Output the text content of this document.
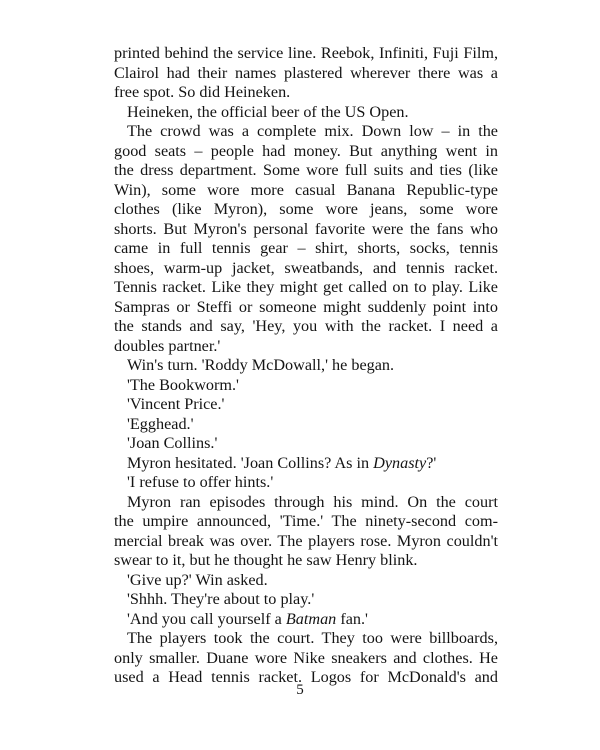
printed behind the service line. Reebok, Infiniti, Fuji Film,
Clairol had their names plastered wherever there was a
free spot. So did Heineken.
Heineken, the official beer of the US Open.
The crowd was a complete mix. Down low – in the
good seats – people had money. But anything went in
the dress department. Some wore full suits and ties (like
Win), some wore more casual Banana Republic-type
clothes (like Myron), some wore jeans, some wore
shorts. But Myron's personal favorite were the fans who
came in full tennis gear – shirt, shorts, socks, tennis
shoes, warm-up jacket, sweatbands, and tennis racket.
Tennis racket. Like they might get called on to play. Like
Sampras or Steffi or someone might suddenly point into
the stands and say, 'Hey, you with the racket. I need a
doubles partner.'
Win's turn. 'Roddy McDowall,' he began.
'The Bookworm.'
'Vincent Price.'
'Egghead.'
'Joan Collins.'
Myron hesitated. 'Joan Collins? As in Dynasty?'
'I refuse to offer hints.'
Myron ran episodes through his mind. On the court
the umpire announced, 'Time.' The ninety-second com-
mercial break was over. The players rose. Myron couldn't
swear to it, but he thought he saw Henry blink.
'Give up?' Win asked.
'Shhh. They're about to play.'
'And you call yourself a Batman fan.'
The players took the court. They too were billboards,
only smaller. Duane wore Nike sneakers and clothes. He
used a Head tennis racket. Logos for McDonald's and
5
